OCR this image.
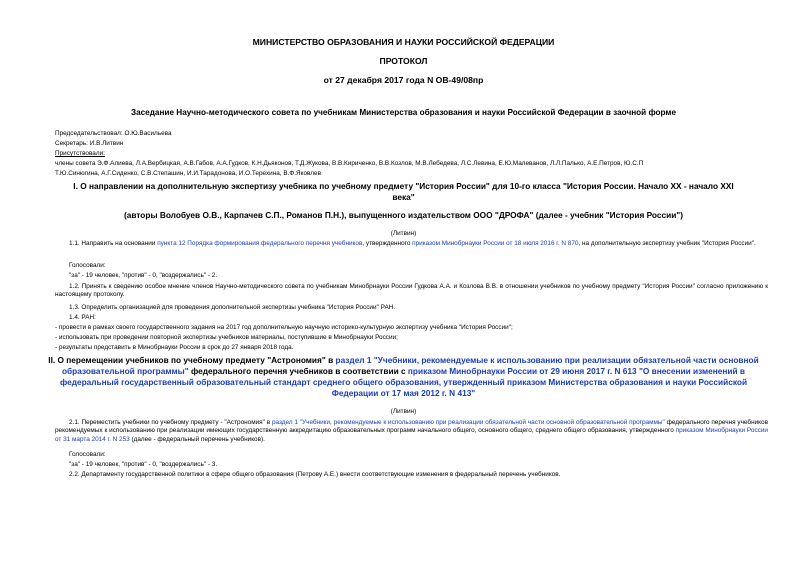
МИНИСТЕРСТВО ОБРАЗОВАНИЯ И НАУКИ РОССИЙСКОЙ ФЕДЕРАЦИИ
ПРОТОКОЛ
от 27 декабря 2017 года N ОВ-49/08пр
Заседание Научно-методического совета по учебникам Министерства образования и науки Российской Федерации в заочной форме
Председательствовал: О.Ю.Васильева
Секретарь: И.В.Литвин
Присутствовали:
члены совета Э.Ф.Алиева, Л.А.Вербицкая, А.В.Габов, А.А.Гудков, К.Н.Дьяконов, Т.Д.Жукова, В.В.Кириченко, В.В.Козлов, М.В.Лебедева, Л.С.Левина, Е.Ю.Малеванов, Л.Л.Палько, А.Е.Петров, Ю.С.П
Т.Ю.Синюгина, А.Г.Сиденко, С.В.Степашин, И.И.Тарадонова, И.О.Терехина, В.Ф.Яковлев
I. О направлении на дополнительную экспертизу учебника по учебному предмету "История России" для 10-го класса "История России. Начало XX - начало XXI
века"
(авторы Волобуев О.В., Карпачев С.П., Романов П.Н.), выпущенного издательством ООО "ДРОФА" (далее - учебник "История России")
(Литвин)
1.1. Направить на основании пункта 12 Порядка формирования федерального перечня учебников, утвержденного приказом Минобрнауки России от 18 июля 2016 г. N 870, на дополнительную экспертизу учебник "История России".
Голосовали:
"за" - 19 человек, "против" - 0, "воздержались" - 2.
1.2. Принять к сведению особое мнение членов Научно-методического совета по учебникам Минобрнауки России Гудкова А.А. и Козлова В.В. в отношении учебников по учебному предмету "История России" согласно приложению к настоящему протоколу.
1.3. Определить организацией для проведения дополнительной экспертизы учебника "История России" РАН.
1.4. РАН:
- провести в рамках своего государственного задания на 2017 год дополнительную научную историко-культурную экспертизу учебника "История России";
- использовать при проведении повторной экспертизы учебников материалы, поступившие в Минобрнауки России;
- результаты представить в Минобрнауки России в срок до 27 января 2018 года.
II. О перемещении учебников по учебному предмету "Астрономия" в раздел 1 "Учебники, рекомендуемые к использованию при реализации обязательной части основной образовательной программы" федерального перечня учебников в соответствии с приказом Минобрнауки России от 29 июня 2017 г. N 613 "О внесении изменений в федеральный государственный образовательный стандарт среднего общего образования, утвержденный приказом Министерства образования и науки Российской Федерации от 17 мая 2012 г. N 413"
(Литвин)
2.1. Переместить учебники по учебному предмету - "Астрономия" в раздел 1 "Учебники, рекомендуемые к использованию при реализации обязательной части основной образовательной программы" федерального перечня учебников рекомендуемых к использованию при реализации имеющих государственную аккредитацию образовательных программ начального общего, основного общего, среднего общего образования, утвержденного приказом Минобрнауки России от 31 марта 2014 г. N 253 (далее - федеральный перечень учебников).
Голосовали:
"за" - 19 человек, "против" - 0, "воздержались" - 3.
2.2. Департаменту государственной политики в сфере общего образования (Петрову А.Е.) внести соответствующие изменения в федеральный перечень учебников.
